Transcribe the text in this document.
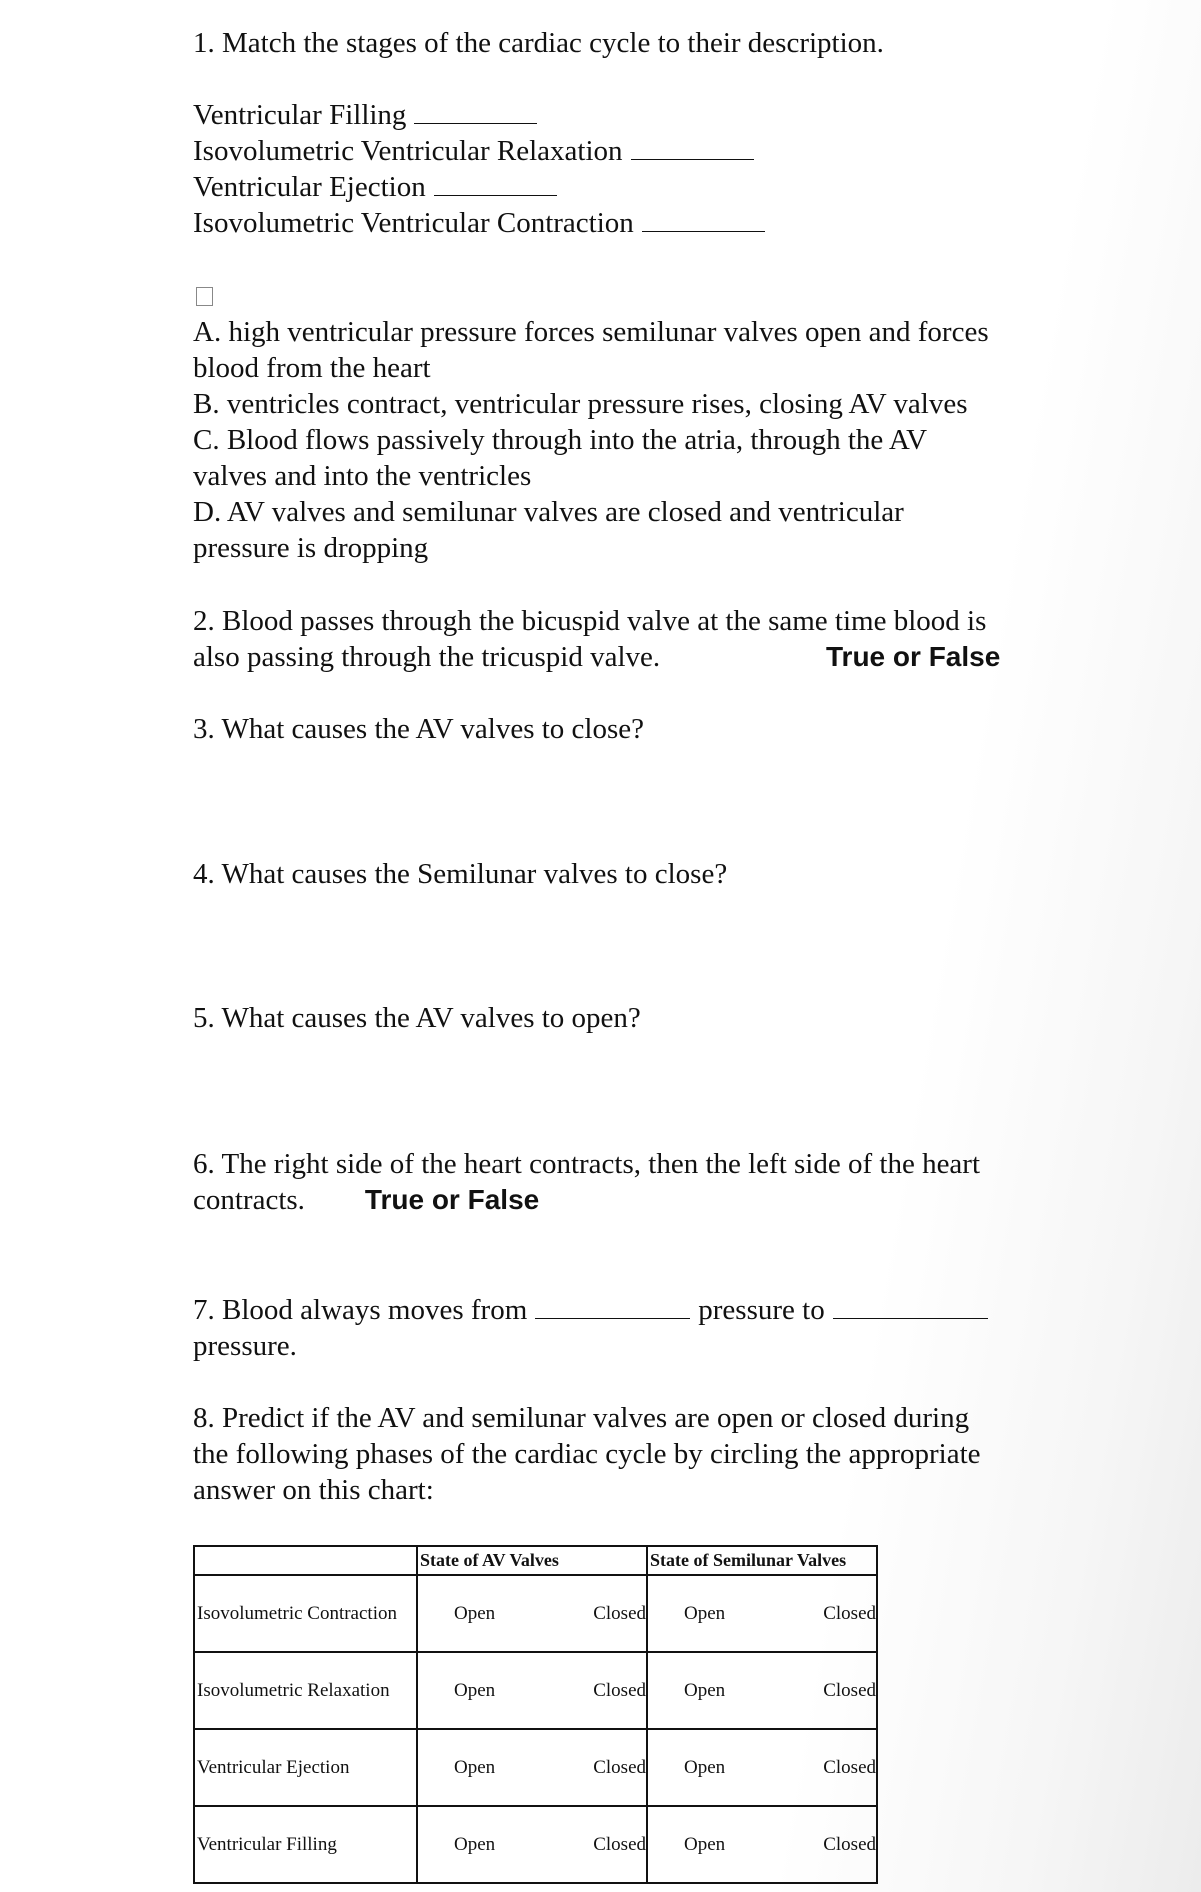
1. Match the stages of the cardiac cycle to their description.
Ventricular Filling
Isovolumetric Ventricular Relaxation
Ventricular Ejection
Isovolumetric Ventricular Contraction
A. high ventricular pressure forces semilunar valves open and forces
blood from the heart
B. ventricles contract, ventricular pressure rises, closing AV valves
C. Blood flows passively through into the atria, through the AV
valves and into the ventricles
D. AV valves and semilunar valves are closed and ventricular
pressure is dropping
2. Blood passes through the bicuspid valve at the same time blood is
also passing through the tricuspid valve.	True or False
3. What causes the AV valves to close?
4. What causes the Semilunar valves to close?
5. What causes the AV valves to open?
6. The right side of the heart contracts, then the left side of the heart
contracts. True or False
7. Blood always moves from	pressure to
pressure.
8. Predict if the AV and semilunar valves are open or closed during
the following phases of the cardiac cycle by circling the appropriate
answer on this chart:
	State of AV Valves	State of Semilunar Valves
Isovolumetric Contraction	Open Closed	Open Closed

Isovolumetric Relaxation	Open Closed	Open Closed

Ventricular Ejection	Open Closed	Open Closed

Ventricular Filling	Open Closed	Open Closed
